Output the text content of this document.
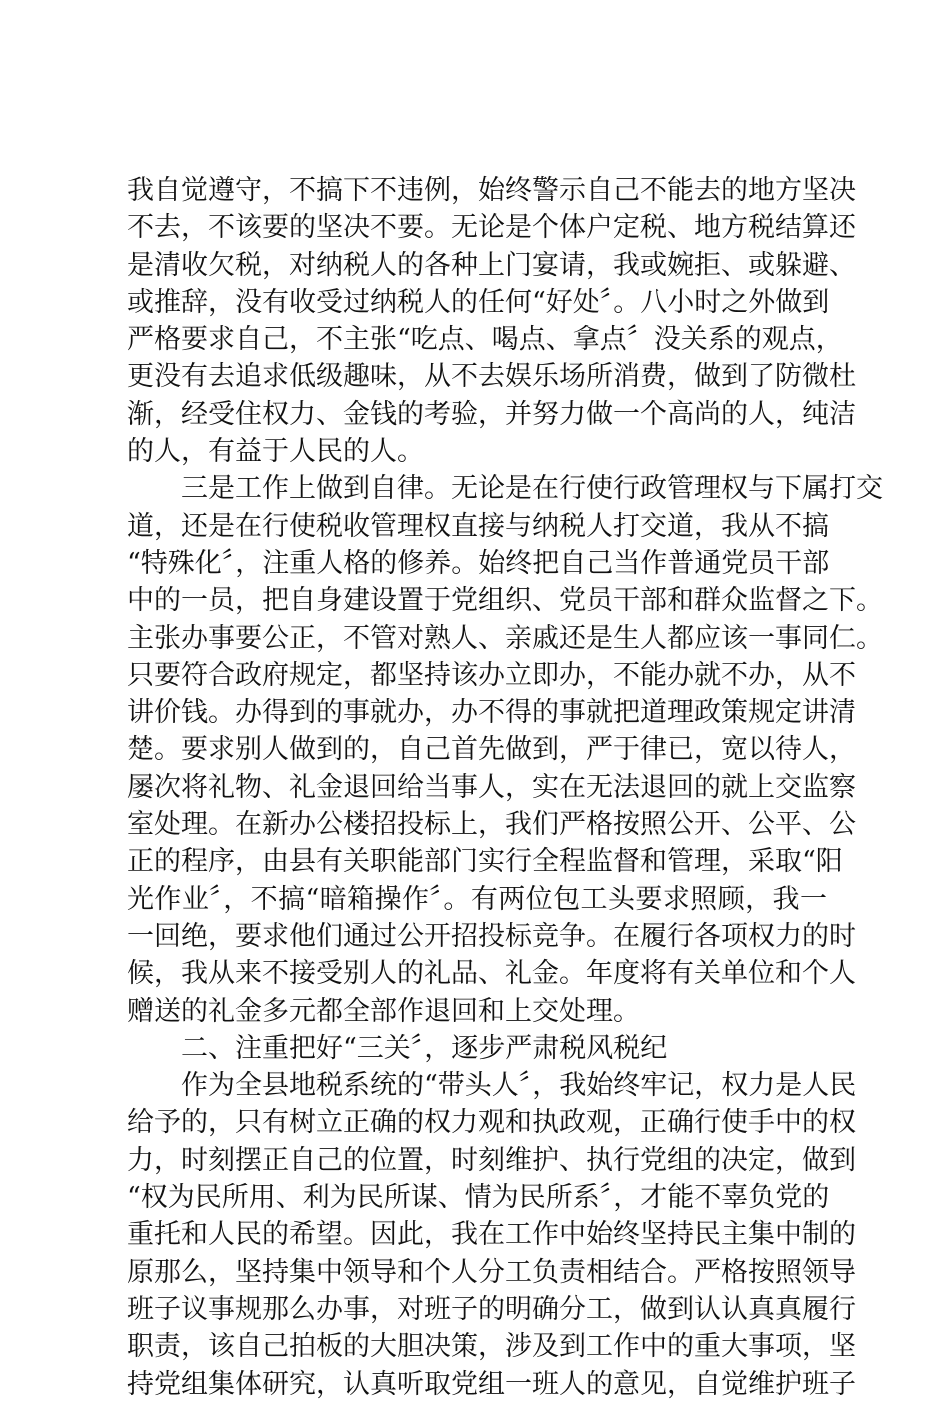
我自觉遵守，不搞下不违例，始终警示自己不能去的地方坚决
不去，不该要的坚决不要。无论是个体户定税、地方税结算还
是清收欠税，对纳税人的各种上门宴请，我或婉拒、或躲避、
或推辞，没有收受过纳税人的任何“好处〞。八小时之外做到
严格要求自己，不主张“吃点、喝点、拿点〞没关系的观点，
更没有去追求低级趣味，从不去娱乐场所消费，做到了防微杜
渐，经受住权力、金钱的考验，并努力做一个高尚的人，纯洁
的人，有益于人民的人。
三是工作上做到自律。无论是在行使行政管理权与下属打交
道，还是在行使税收管理权直接与纳税人打交道，我从不搞
“特殊化〞，注重人格的修养。始终把自己当作普通党员干部
中的一员，把自身建设置于党组织、党员干部和群众监督之下。
主张办事要公正，不管对熟人、亲戚还是生人都应该一事同仁。
只要符合政府规定，都坚持该办立即办，不能办就不办，从不
讲价钱。办得到的事就办，办不得的事就把道理政策规定讲清
楚。要求别人做到的，自己首先做到，严于律已，宽以待人，
屡次将礼物、礼金退回给当事人，实在无法退回的就上交监察
室处理。在新办公楼招投标上，我们严格按照公开、公平、公
正的程序，由县有关职能部门实行全程监督和管理，采取“阳
光作业〞，不搞“暗箱操作〞。有两位包工头要求照顾，我一
一回绝，要求他们通过公开招投标竞争。在履行各项权力的时
候，我从来不接受别人的礼品、礼金。年度将有关单位和个人
赠送的礼金多元都全部作退回和上交处理。
二、注重把好“三关〞，逐步严肃税风税纪
作为全县地税系统的“带头人〞，我始终牢记，权力是人民
给予的，只有树立正确的权力观和执政观，正确行使手中的权
力，时刻摆正自己的位置，时刻维护、执行党组的决定，做到
“权为民所用、利为民所谋、情为民所系〞，才能不辜负党的
重托和人民的希望。因此，我在工作中始终坚持民主集中制的
原那么，坚持集中领导和个人分工负责相结合。严格按照领导
班子议事规那么办事，对班子的明确分工，做到认认真真履行
职责，该自己拍板的大胆决策，涉及到工作中的重大事项，坚
持党组集体研究，认真听取党组一班人的意见，自觉维护班子
